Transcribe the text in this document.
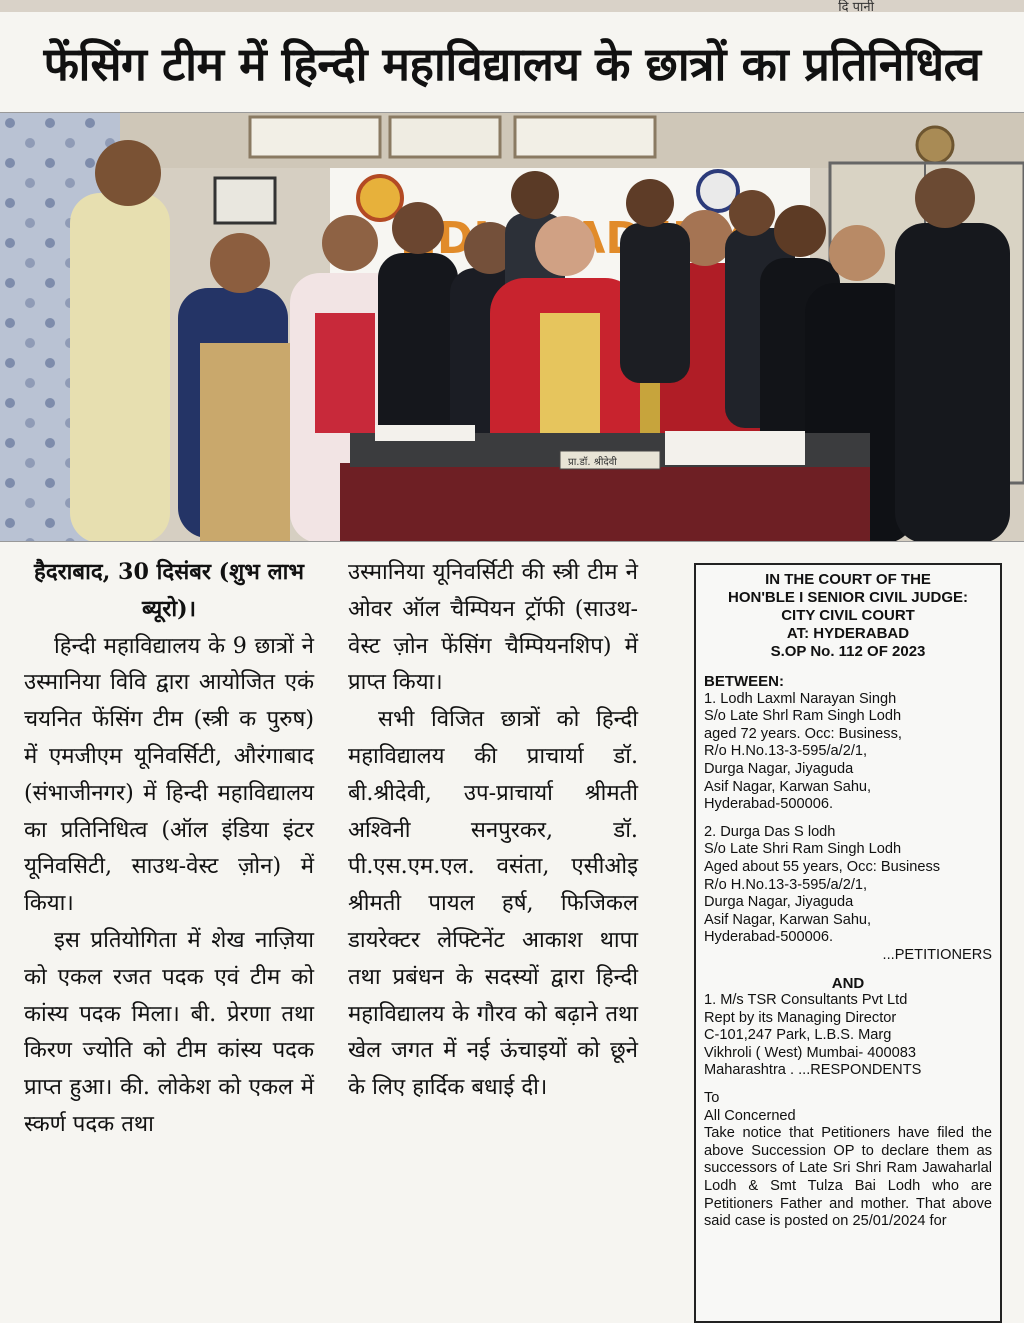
दि पानी
फेंसिंग टीम में हिन्दी महाविद्यालय के छात्रों का प्रतिनिधित्व
NDI
प्रा.डॉ. श्रीदेवी

हैदराबाद, 30 दिसंबर (शुभ लाभ ब्यूरो)।

हिन्दी महाविद्यालय के 9 छात्रों ने उस्मानिया विवि द्वारा आयोजित एकं चयनित फेंसिंग टीम (स्त्री क पुरुष) में एमजीएम यूनिवर्सिटी, औरंगाबाद (संभाजीनगर) में हिन्दी महाविद्यालय का प्रतिनिधित्व (ऑल इंडिया इंटर यूनिवसिटी, साउथ-वेस्ट ज़ोन) में किया।

इस प्रतियोगिता में शेख नाज़िया को एकल रजत पदक एवं टीम को कांस्य पदक मिला। बी. प्रेरणा तथा किरण ज्योति को टीम कांस्य पदक प्राप्त हुआ। की. लोकेश को एकल में स्कर्ण पदक तथा

उस्मानिया यूनिवर्सिटी की स्त्री टीम ने ओवर ऑल चैम्पियन ट्रॉफी (साउथ-वेस्ट ज़ोन फेंसिंग चैम्पियनशिप) में प्राप्त किया।

सभी विजित छात्रों को हिन्दी महाविद्यालय की प्राचार्या डॉ. बी.श्रीदेवी, उप-प्राचार्या श्रीमती अश्विनी सनपुरकर, डॉ. पी.एस.एम.एल. वसंता, एसीओइ श्रीमती पायल हर्ष, फिजिकल डायरेक्टर लेफ्टिनेंट आकाश थापा तथा प्रबंधन के सदस्यों द्वारा हिन्दी महाविद्यालय के गौरव को बढ़ाने तथा खेल जगत में नई ऊंचाइयों को छूने के लिए हार्दिक बधाई दी।

IN THE COURT OF THE
HON'BLE I SENIOR CIVIL JUDGE:
CITY CIVIL COURT
AT: HYDERABAD
S.OP No. 112 OF 2023
BETWEEN:
1. Lodh Laxml Narayan Singh
S/o Late Shrl Ram Singh Lodh
aged 72 years. Occ: Business,
R/o H.No.13-3-595/a/2/1,
Durga Nagar, Jiyaguda
Asif Nagar, Karwan Sahu,
Hyderabad-500006.
2. Durga Das S lodh
S/o Late Shri Ram Singh Lodh
Aged about 55 years, Occ: Business
R/o H.No.13-3-595/a/2/1,
Durga Nagar, Jiyaguda
Asif Nagar, Karwan Sahu,
Hyderabad-500006.
...PETITIONERS
AND
1. M/s TSR Consultants Pvt Ltd
Rept by its Managing Director
C-101,247 Park, L.B.S. Marg
Vikhroli ( West) Mumbai- 400083
Maharashtra . ...RESPONDENTS
To
All Concerned
Take notice that Petitioners have filed the above Succession OP to declare them as successors of Late Sri Shri Ram Jawaharlal Lodh & Smt Tulza Bai Lodh who are Petitioners Father and mother. That above said case is posted on 25/01/2024 for
